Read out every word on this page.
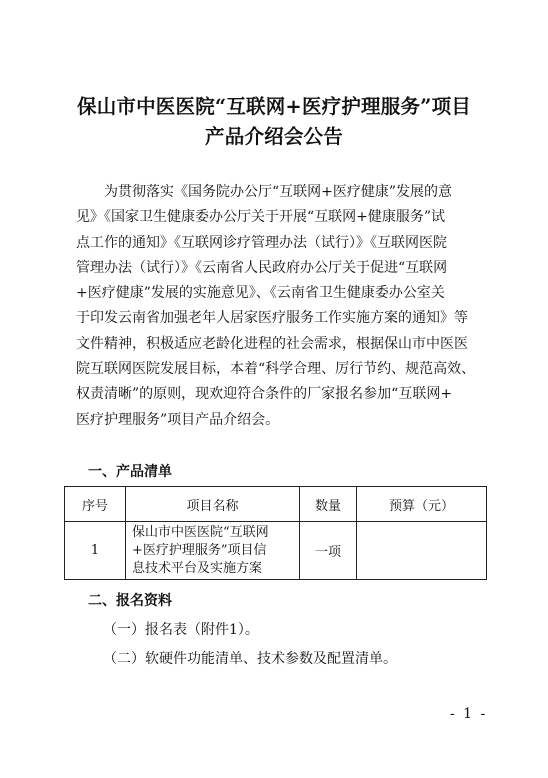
保山市中医医院“互联网+医疗护理服务”项目
产品介绍会公告
为贯彻落实《国务院办公厅“互联网+医疗健康”发展的意
见》《国家卫生健康委办公厅关于开展“互联网+健康服务”试
点工作的通知》《互联网诊疗管理办法（试行）》《互联网医院
管理办法（试行）》《云南省人民政府办公厅关于促进“互联网
+医疗健康”发展的实施意见》、《云南省卫生健康委办公室关
于印发云南省加强老年人居家医疗服务工作实施方案的通知》等
文件精神，积极适应老龄化进程的社会需求，根据保山市中医医
院互联网医院发展目标，本着“科学合理、厉行节约、规范高效、
权责清晰”的原则，现欢迎符合条件的厂家报名参加“互联网+
医疗护理服务”项目产品介绍会。
一、产品清单
序号	项目名称	数量	预算（元）
1	保山市中医医院“互联网
+医疗护理服务”项目信
息技术平台及实施方案	一项	
二、报名资料
（一）报名表（附件1）。
（二）软硬件功能清单、技术参数及配置清单。
- 1 -
